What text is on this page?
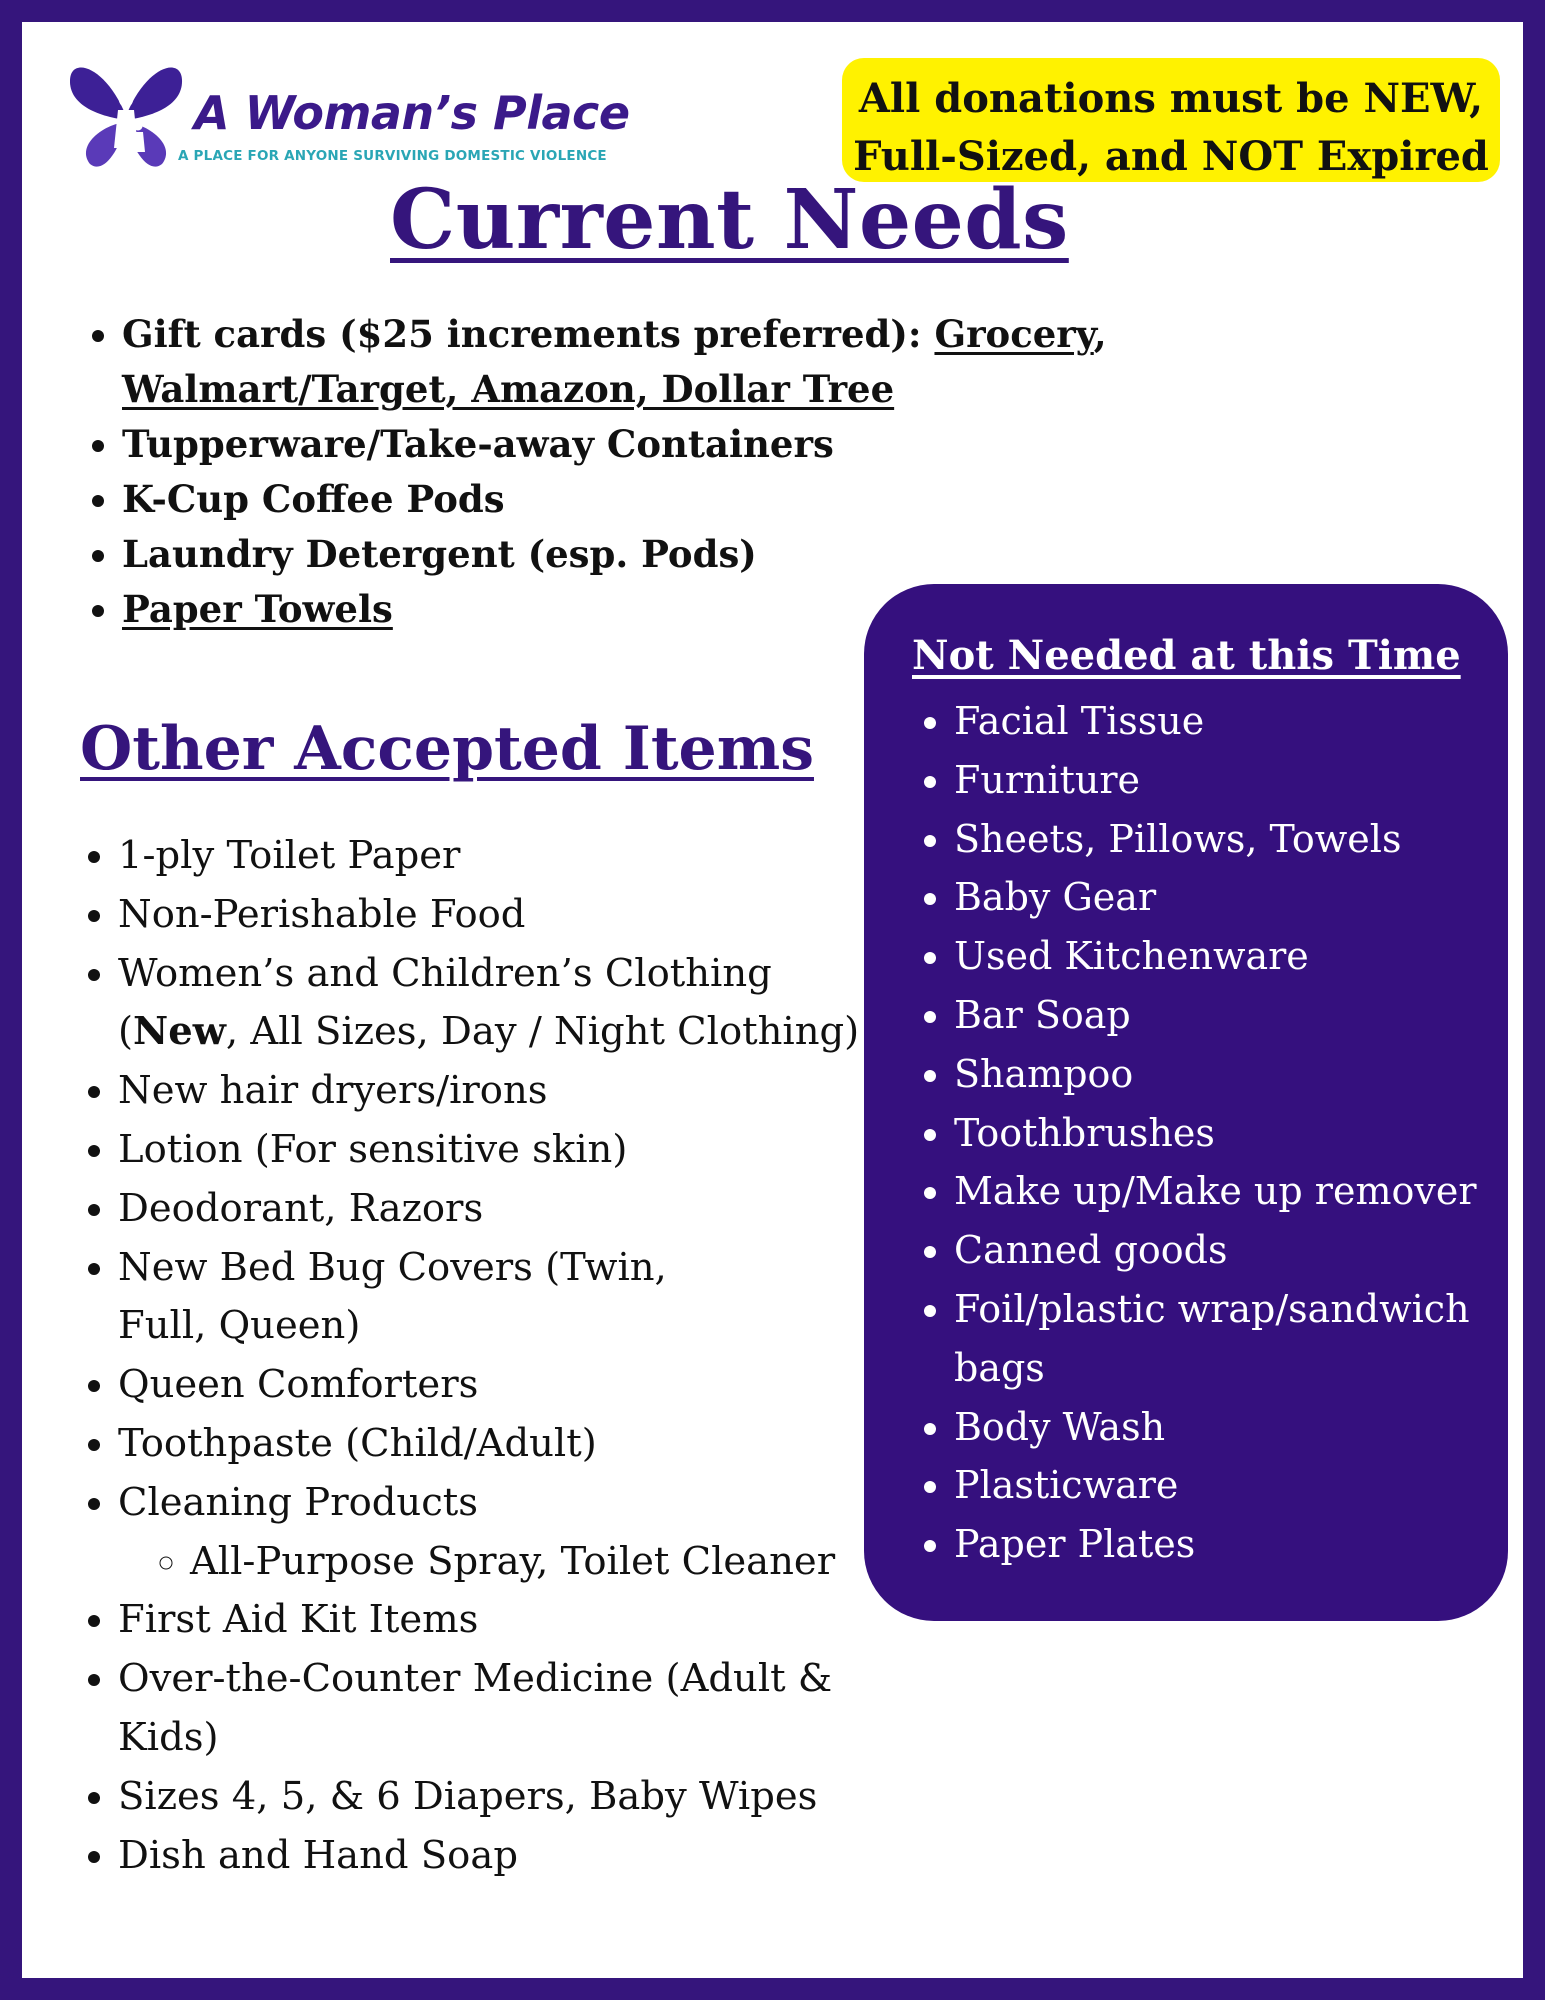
A Woman’s Place
A PLACE FOR ANYONE SURVIVING DOMESTIC VIOLENCE
All donations must be NEW,
Full-Sized, and NOT Expired
Current Needs
• Gift cards ($25 increments preferred): Grocery,
Walmart/Target, Amazon, Dollar Tree
• Tupperware/Take-away Containers
• K-Cup Coffee Pods
• Laundry Detergent (esp. Pods)
• Paper Towels
Other Accepted Items
• 1-ply Toilet Paper
• Non-Perishable Food
• Women’s and Children’s Clothing
(New, All Sizes, Day / Night Clothing)
• New hair dryers/irons
• Lotion (For sensitive skin)
• Deodorant, Razors
• New Bed Bug Covers (Twin, Full, Queen)
• Queen Comforters
• Toothpaste (Child/Adult)
• Cleaning Products
◦ All-Purpose Spray, Toilet Cleaner
• First Aid Kit Items
• Over-the-Counter Medicine (Adult & Kids)
• Sizes 4, 5, & 6 Diapers, Baby Wipes
• Dish and Hand Soap
Not Needed at this Time
• Facial Tissue
• Furniture
• Sheets, Pillows, Towels
• Baby Gear
• Used Kitchenware
• Bar Soap
• Shampoo
• Toothbrushes
• Make up/Make up remover
• Canned goods
• Foil/plastic wrap/sandwich bags
• Body Wash
• Plasticware
• Paper Plates
